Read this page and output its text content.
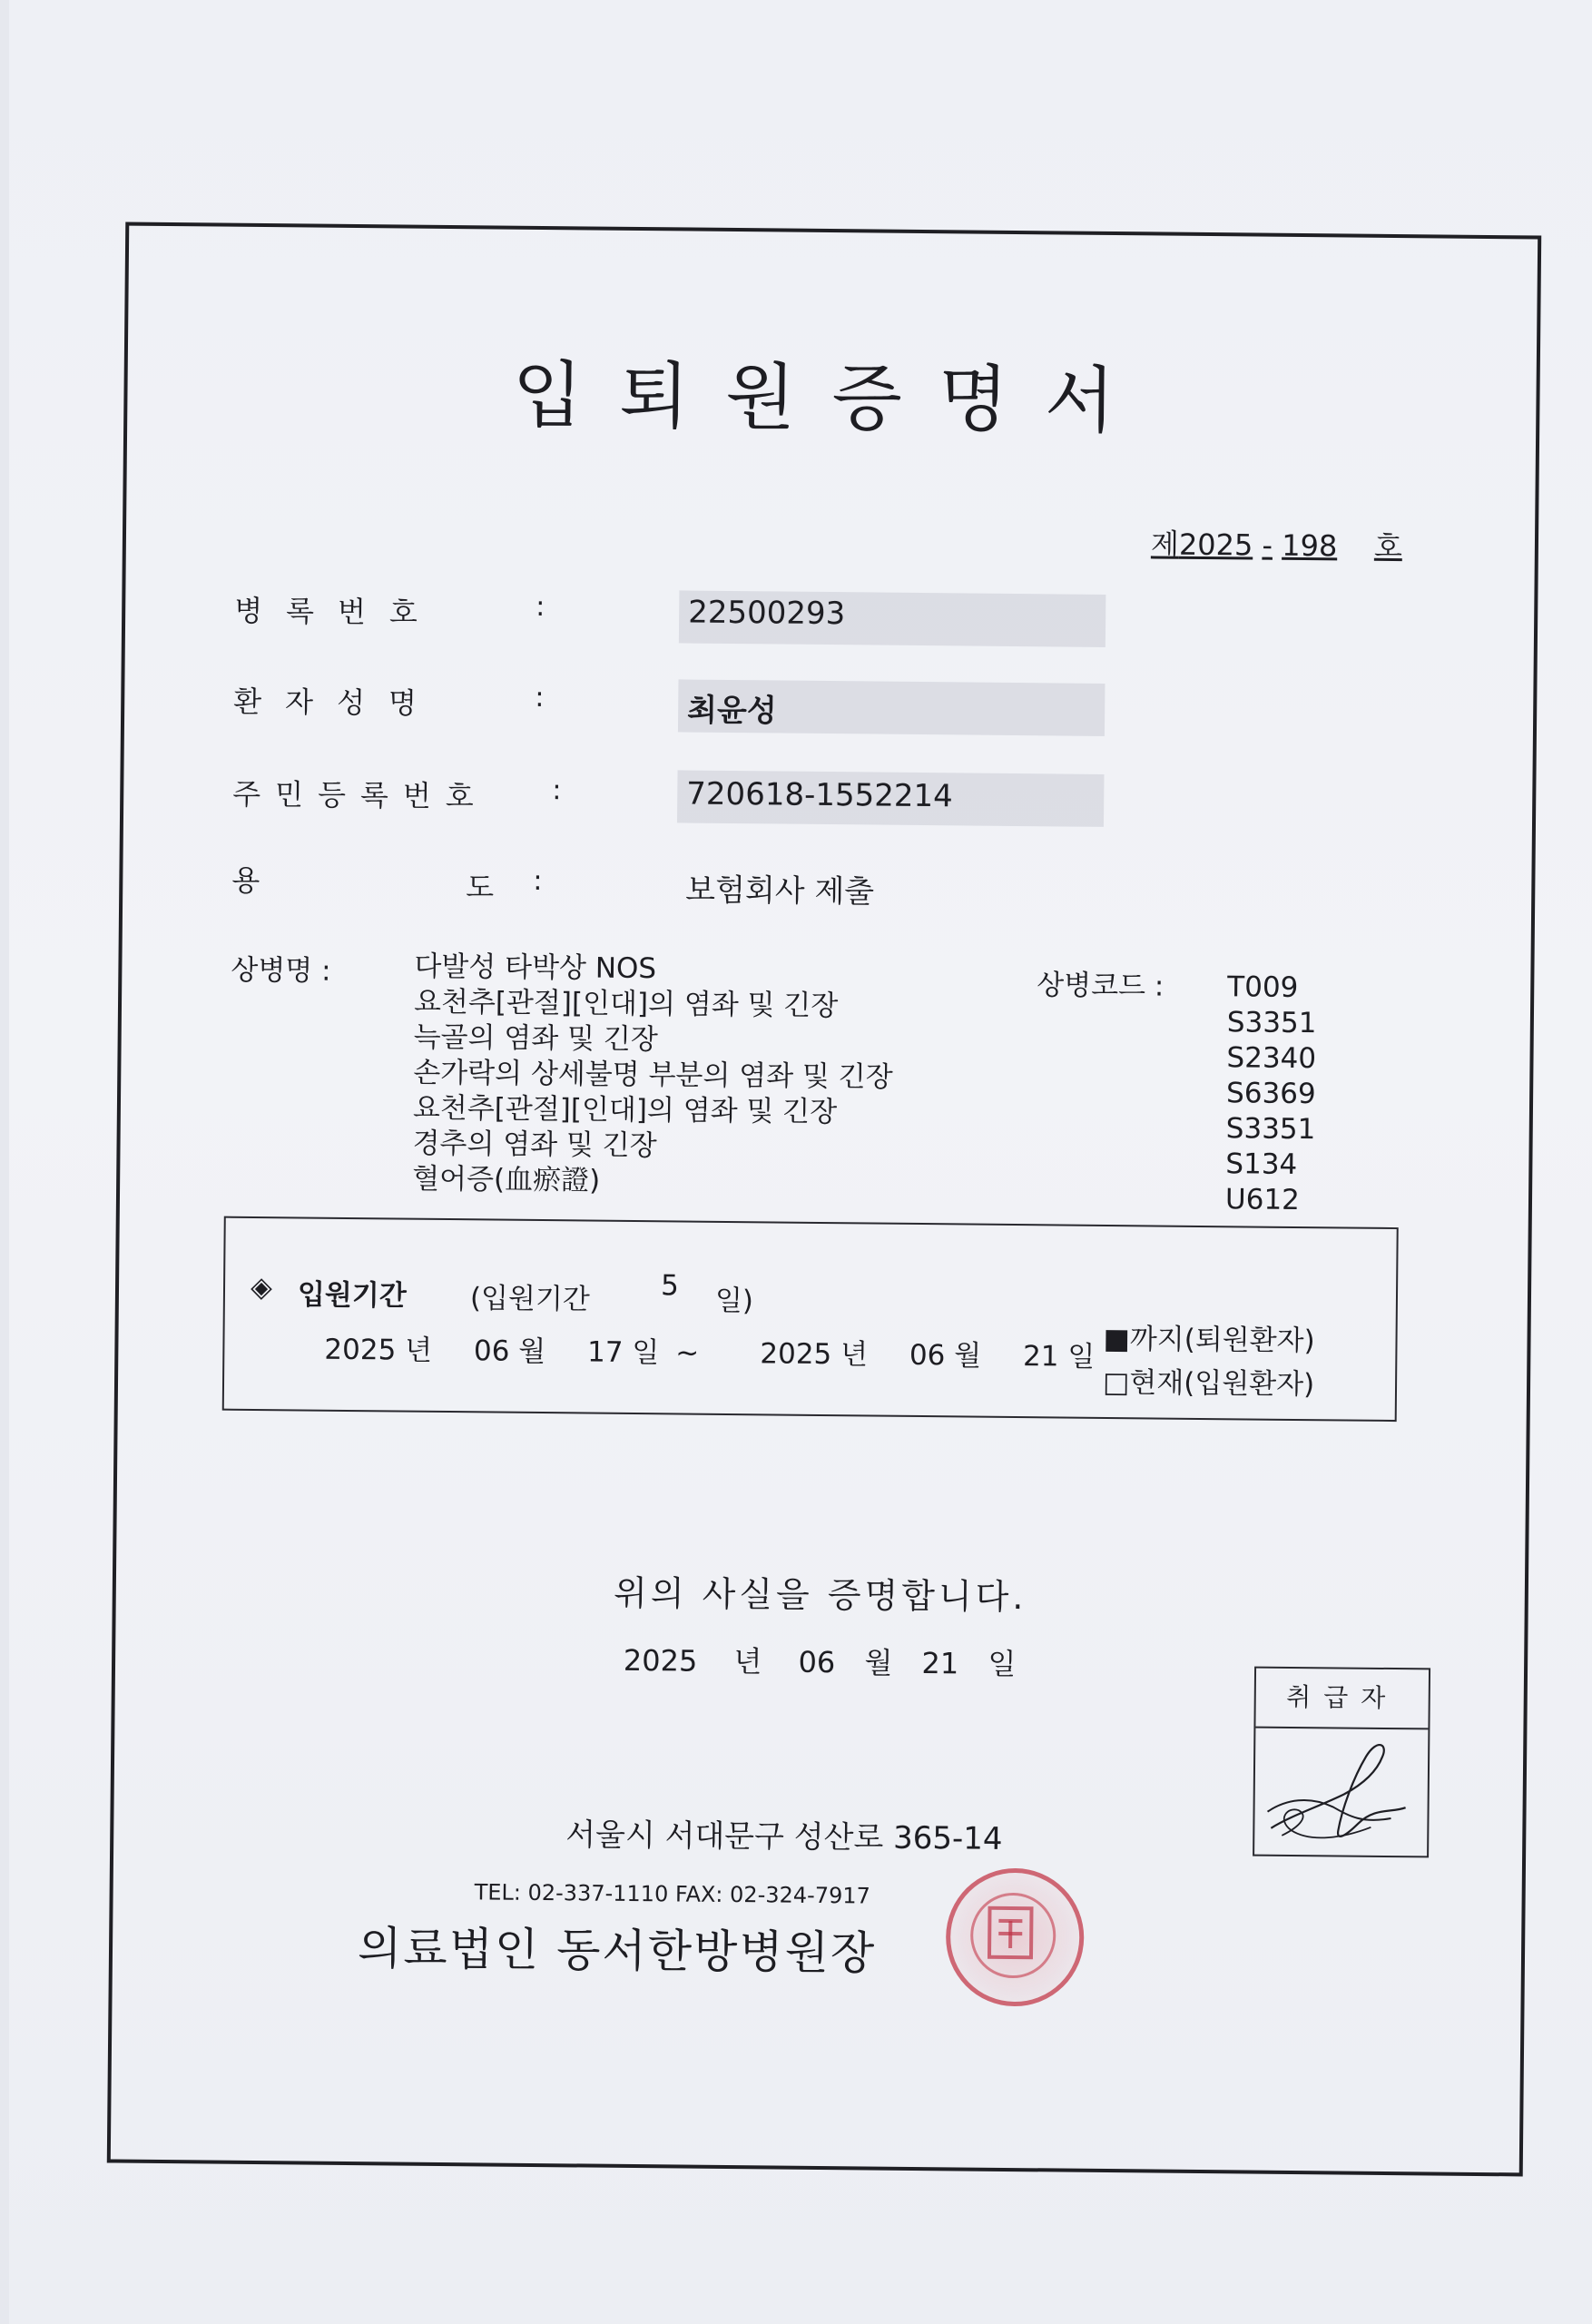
입퇴원증명서
제2025 - 198 호
병록번호	:	22500293
환자성명	:	최윤성
주민등록번호 :	720618-1552214
용	도 :	보험회사 제출
상병명 :	다발성 타박상 NOS
요천추[관절][인대]의 염좌 및 긴장
늑골의 염좌 및 긴장
손가락의 상세불명 부분의 염좌 및 긴장
요천추[관절][인대]의 염좌 및 긴장
경추의 염좌 및 긴장
혈어증(血瘀證)
상병코드 : T009
S3351
S2340
S6369
S3351
S134
U612
◈ 입원기간 (입원기간	5 일)
2025 년 06 월 17 일 ~ 2025 년 06 월 21 일 ■까지(퇴원환자)
□현재(입원환자)
위의 사실을 증명합니다.
2025 년 06 월 21 일
취급자
서울시 서대문구 성산로 365-14
TEL: 02-337-1110 FAX: 02-324-7917
의료법인 동서한방병원장
